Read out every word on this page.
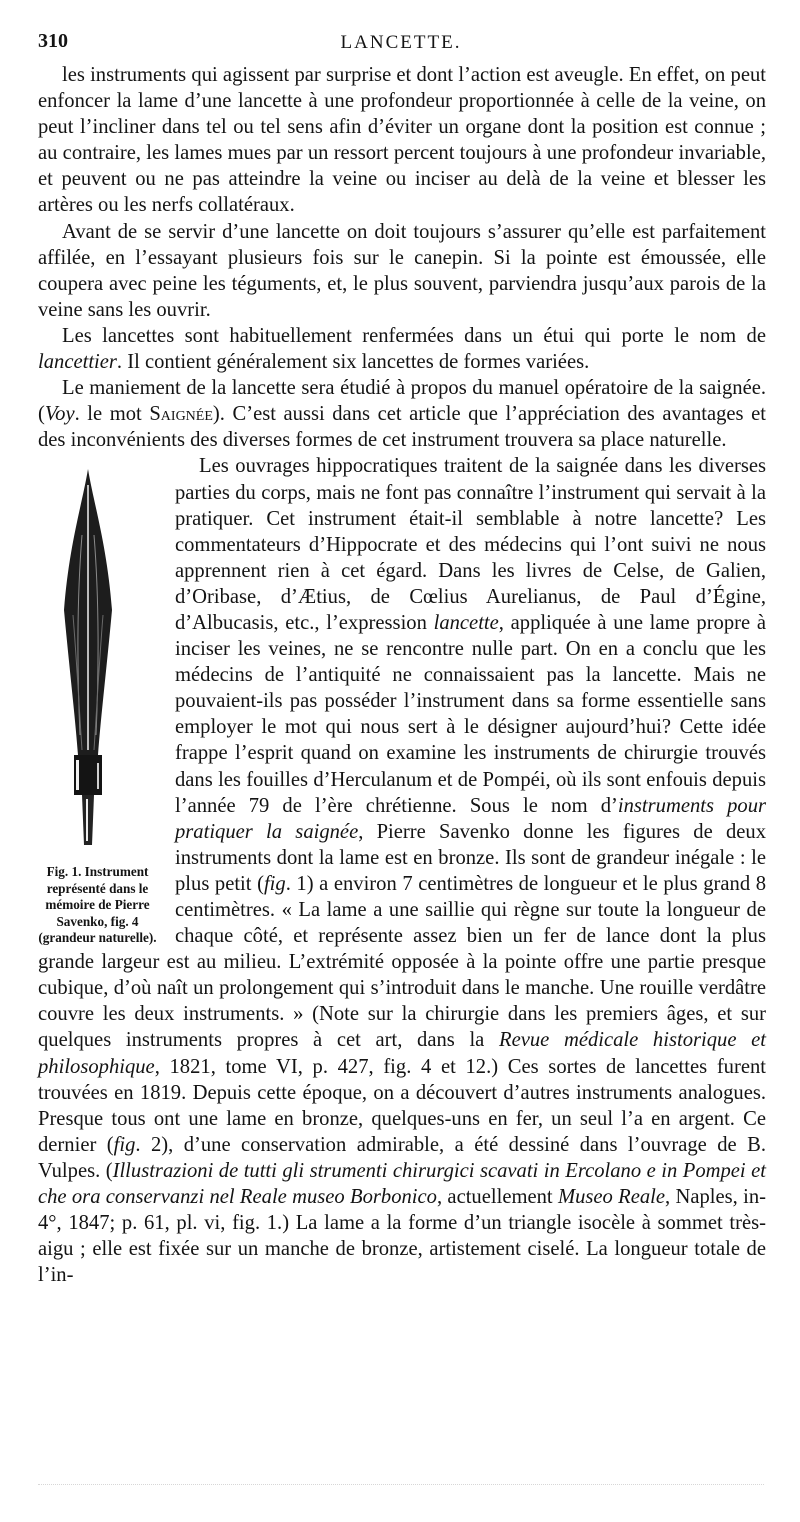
310	LANCETTE.

les instruments qui agissent par surprise et dont l’action est aveugle. En effet, on peut enfoncer la lame d’une lancette à une profondeur proportionnée à celle de la veine, on peut l’incliner dans tel ou tel sens afin d’éviter un organe dont la position est connue ; au contraire, les lames mues par un ressort percent toujours à une profondeur invariable, et peuvent ou ne pas atteindre la veine ou inciser au delà de la veine et blesser les artères ou les nerfs collatéraux.

Avant de se servir d’une lancette on doit toujours s’assurer qu’elle est parfaitement affilée, en l’essayant plusieurs fois sur le canepin. Si la pointe est émoussée, elle coupera avec peine les téguments, et, le plus souvent, parviendra jusqu’aux parois de la veine sans les ouvrir.

Les lancettes sont habituellement renfermées dans un étui qui porte le nom de lancettier. Il contient généralement six lancettes de formes variées.

Le maniement de la lancette sera étudié à propos du manuel opératoire de la saignée. (Voy. le mot Saignée). C’est aussi dans cet article que l’appréciation des avantages et des inconvénients des diverses formes de cet instrument trouvera sa place naturelle.

Fig. 1. Instrument représenté dans le mémoire de Pierre Savenko, fig. 4 (grandeur naturelle).
Les ouvrages hippocratiques traitent de la saignée dans les diverses parties du corps, mais ne font pas connaître l’instrument qui servait à la pratiquer. Cet instrument était-il semblable à notre lancette? Les commentateurs d’Hippocrate et des médecins qui l’ont suivi ne nous apprennent rien à cet égard. Dans les livres de Celse, de Galien, d’Oribase, d’Ætius, de Cœlius Aurelianus, de Paul d’Égine, d’Albucasis, etc., l’expression lancette, appliquée à une lame propre à inciser les veines, ne se rencontre nulle part. On en a conclu que les médecins de l’antiquité ne connaissaient pas la lancette. Mais ne pouvaient-ils pas posséder l’instrument dans sa forme essentielle sans employer le mot qui nous sert à le désigner aujourd’hui? Cette idée frappe l’esprit quand on examine les instruments de chirurgie trouvés dans les fouilles d’Herculanum et de Pompéi, où ils sont enfouis depuis l’année 79 de l’ère chrétienne. Sous le nom d’instruments pour pratiquer la saignée, Pierre Savenko donne les figures de deux instruments dont la lame est en bronze. Ils sont de grandeur inégale : le plus petit (fig. 1) a environ 7 centimètres de longueur et le plus grand 8 centimètres. « La lame a une saillie qui règne sur toute la longueur de chaque côté, et représente assez bien un fer de lance dont la plus grande largeur est au milieu. L’extrémité opposée à la pointe offre une partie presque cubique, d’où naît un prolongement qui s’introduit dans le manche. Une rouille verdâtre couvre les deux instruments. » (Note sur la chirurgie dans les premiers âges, et sur quelques instruments propres à cet art, dans la Revue médicale historique et philosophique, 1821, tome VI, p. 427, fig. 4 et 12.) Ces sortes de lancettes furent trouvées en 1819. Depuis cette époque, on a découvert d’autres instruments analogues. Presque tous ont une lame en bronze, quelques-uns en fer, un seul l’a en argent. Ce dernier (fig. 2), d’une conservation admirable, a été dessiné dans l’ouvrage de B. Vulpes. (Illustrazioni de tutti gli strumenti chirurgici scavati in Ercolano e in Pompei et che ora conservanzi nel Reale museo Borbonico, actuellement Museo Reale, Naples, in-4°, 1847; p. 61, pl. vi, fig. 1.) La lame a la forme d’un triangle isocèle à sommet très-aigu ; elle est fixée sur un manche de bronze, artistement ciselé. La longueur totale de l’in-
